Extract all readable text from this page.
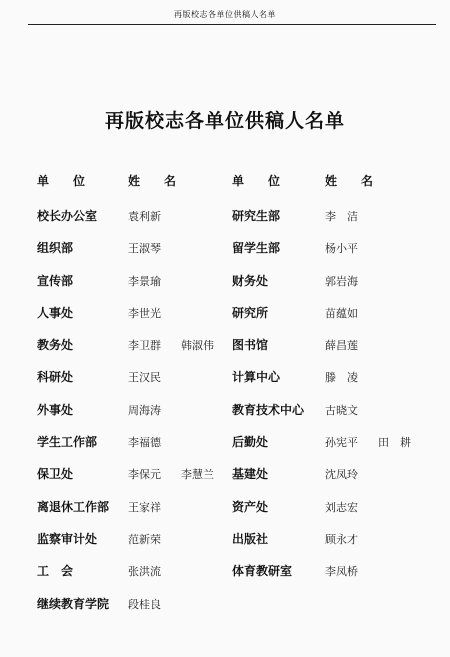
再版校志各单位供稿人名单
再版校志各单位供稿人名单
单　　位	姓　　名	单　　位	姓　　名
校长办公室	袁利新	研究生部	李　洁
组织部	王淑琴	留学生部	杨小平
宣传部	李景瑜	财务处	郭岩海
人事处	李世光	研究所	苗蕴如
教务处	李卫群 韩淑伟 图书馆	薛昌莲
科研处	王汉民	计算中心	滕　凌
外事处	周海涛	教育技术中心 古晓文
学生工作部	李福德	后勤处	孙宪平 田　耕
保卫处	李保元 李慧兰 基建处	沈凤玲
离退休工作部 王家祥	资产处	刘志宏
监察审计处	范新荣	出版社	顾永才
工　会	张洪流	体育教研室	李凤桥
继续教育学院 段桂良
